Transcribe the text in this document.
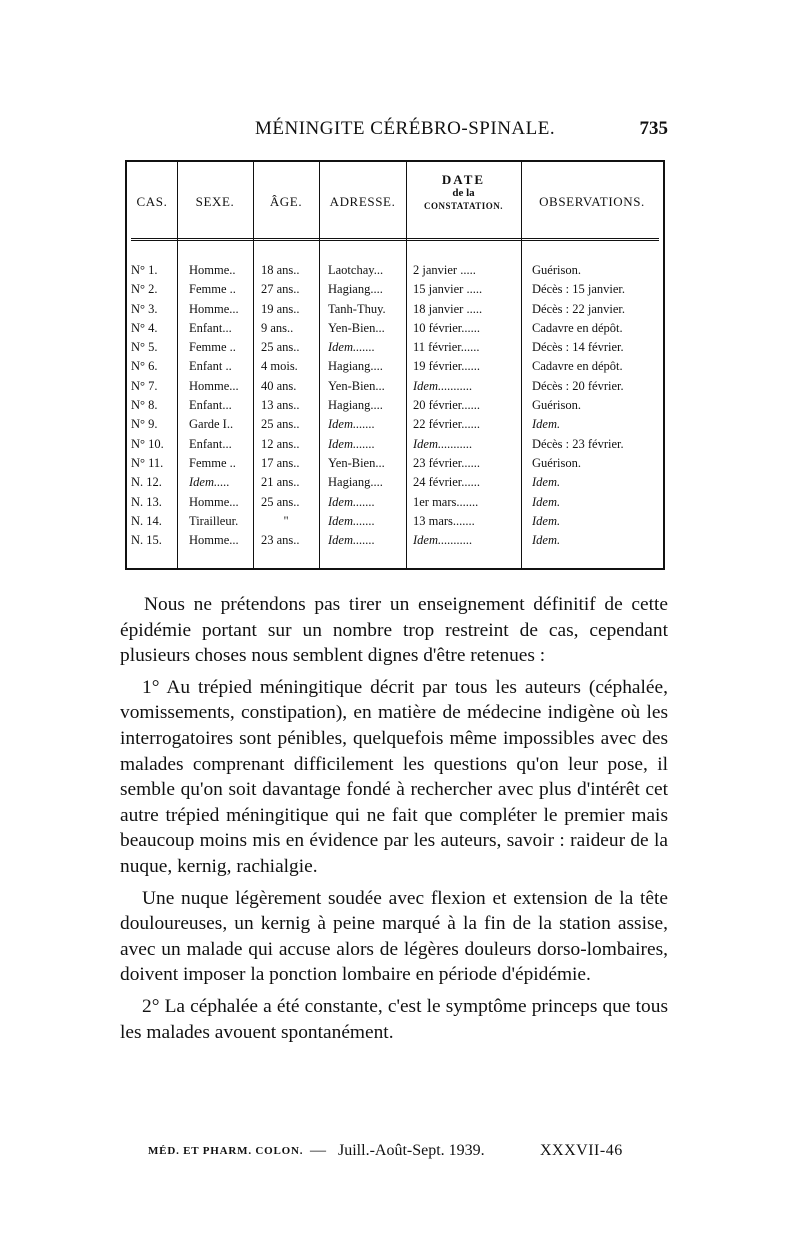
MÉNINGITE CÉRÉBRO-SPINALE.	735
CAS.	SEXE.	ÂGE.	ADRESSE.
DATE
de la
CONSTATATION.	OBSERVATIONS.
N° 1.	Homme..	18 ans..	Laotchay...	2 janvier .....	Guérison.
N° 2.	Femme ..	27 ans..	Hagiang....	15 janvier .....	Décès : 15 janvier.
N° 3.	Homme...	19 ans..	Tanh-Thuy.	18 janvier .....	Décès : 22 janvier.
N° 4.	Enfant...	9 ans..	Yen-Bien...	10 février......	Cadavre en dépôt.
N° 5.	Femme ..	25 ans..	Idem.......	11 février......	Décès : 14 février.
N° 6.	Enfant ..	4 mois.	Hagiang....	19 février......	Cadavre en dépôt.
N° 7.	Homme...	40 ans.	Yen-Bien...	Idem...........	Décès : 20 février.
N° 8.	Enfant...	13 ans..	Hagiang....	20 février......	Guérison.
N° 9.	Garde I..	25 ans..	Idem.......	22 février......	Idem.
N° 10.	Enfant...	12 ans..	Idem.......	Idem...........	Décès : 23 février.
N° 11.	Femme ..	17 ans..	Yen-Bien...	23 février......	Guérison.
N. 12.	Idem.....	21 ans..	Hagiang....	24 février......	Idem.
N. 13.	Homme...	25 ans..	Idem.......	1er mars.......	Idem.
N. 14.	Tirailleur.	"	Idem.......	13 mars.......	Idem.
N. 15.	Homme...	23 ans..	Idem.......	Idem...........	Idem.

Nous ne prétendons pas tirer un enseignement définitif de cette épidémie portant sur un nombre trop restreint de cas, cependant plusieurs choses nous semblent dignes d'être retenues :

1° Au trépied méningitique décrit par tous les auteurs (céphalée, vomissements, constipation), en matière de médecine indigène où les interrogatoires sont pénibles, quelquefois même impossibles avec des malades comprenant difficilement les questions qu'on leur pose, il semble qu'on soit davantage fondé à rechercher avec plus d'intérêt cet autre trépied méningitique qui ne fait que compléter le premier mais beaucoup moins mis en évidence par les auteurs, savoir : raideur de la nuque, kernig, rachialgie.

Une nuque légèrement soudée avec flexion et extension de la tête douloureuses, un kernig à peine marqué à la fin de la station assise, avec un malade qui accuse alors de légères douleurs dorso-lombaires, doivent imposer la ponction lombaire en période d'épidémie.

2° La céphalée a été constante, c'est le symptôme princeps que tous les malades avouent spontanément.

MÉD. ET PHARM. COLON. — Juill.-Août-Sept. 1939.	XXXVII-46
